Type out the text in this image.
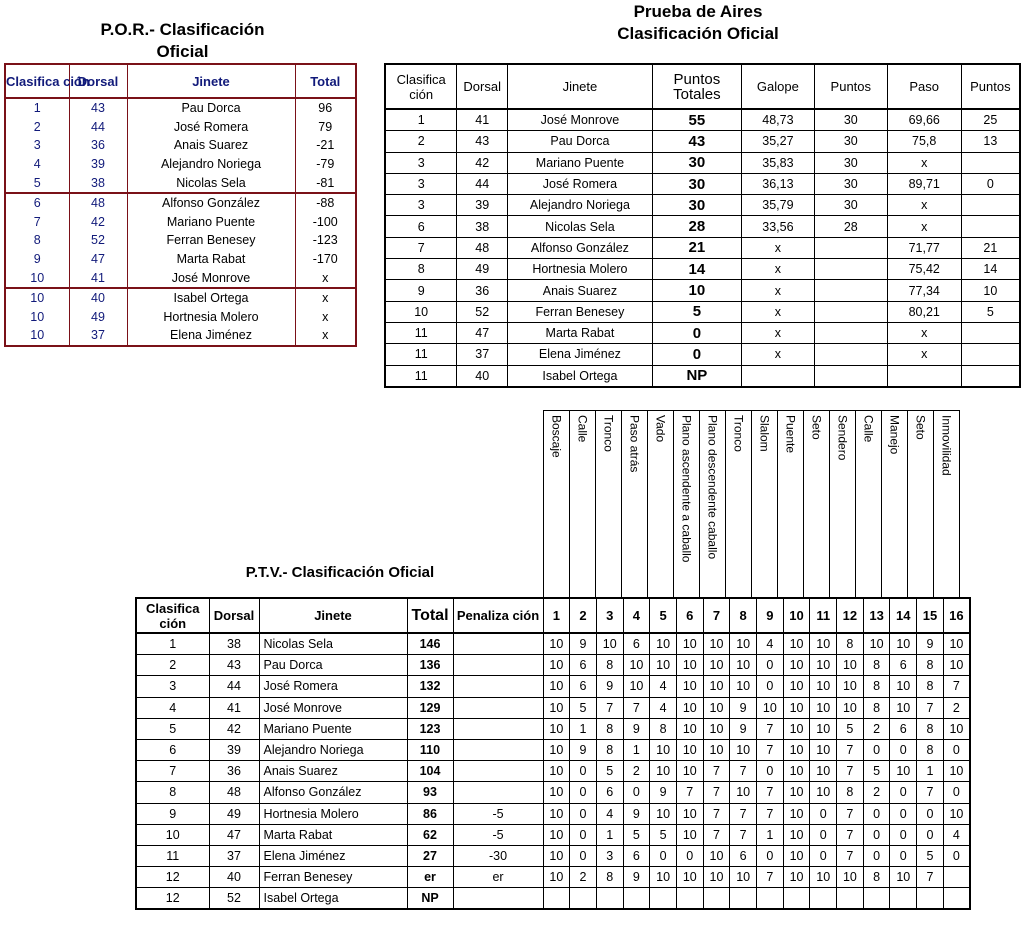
P.O.R.- Clasificación
Oficial
Clasifica ción	Dorsal	Jinete	Total
1	43	Pau Dorca	96
2	44	José Romera	79
3	36	Anais Suarez	-21
4	39	Alejandro Noriega	-79
5	38	Nicolas Sela	-81
6	48	Alfonso González	-88
7	42	Mariano Puente	-100
8	52	Ferran Benesey	-123
9	47	Marta Rabat	-170
10	41	José Monrove	x
10	40	Isabel Ortega	x
10	49	Hortnesia Molero	x
10	37	Elena Jiménez	x
Prueba de Aires
Clasificación Oficial
Clasifica ción	Dorsal	Jinete	Puntos Totales	Galope	Puntos	Paso	Puntos
1	41	José Monrove	55	48,73	30	69,66	25
2	43	Pau Dorca	43	35,27	30	75,8	13
3	42	Mariano Puente	30	35,83	30	x	
3	44	José Romera	30	36,13	30	89,71	0
3	39	Alejandro Noriega	30	35,79	30	x	
6	38	Nicolas Sela	28	33,56	28	x	
7	48	Alfonso González	21	x		71,77	21
8	49	Hortnesia Molero	14	x		75,42	14
9	36	Anais Suarez	10	x		77,34	10
10	52	Ferran Benesey	5	x		80,21	5
11	47	Marta Rabat	0	x		x	
11	37	Elena Jiménez	0	x		x	
11	40	Isabel Ortega	NP				
P.T.V.- Clasificación Oficial
Boscaje	Calle	Tronco	Paso atrás	Vado	Plano ascendente a caballo	Plano descendente caballo	Tronco	Slalom	Puente	Seto	Sendero	Calle	Manejo	Seto	Inmovilidad
Clasifica ción	Dorsal	Jinete	Total	Penaliza ción	1	2	3	4	5	6	7	8	9	10	11	12	13	14	15	16
1	38	Nicolas Sela	146		10	9	10	6	10	10	10	10	4	10	10	8	10	10	9	10
2	43	Pau Dorca	136		10	6	8	10	10	10	10	10	0	10	10	10	8	6	8	10
3	44	José Romera	132		10	6	9	10	4	10	10	10	0	10	10	10	8	10	8	7
4	41	José Monrove	129		10	5	7	7	4	10	10	9	10	10	10	10	8	10	7	2
5	42	Mariano Puente	123		10	1	8	9	8	10	10	9	7	10	10	5	2	6	8	10
6	39	Alejandro Noriega	110		10	9	8	1	10	10	10	10	7	10	10	7	0	0	8	0
7	36	Anais Suarez	104		10	0	5	2	10	10	7	7	0	10	10	7	5	10	1	10
8	48	Alfonso González	93		10	0	6	0	9	7	7	10	7	10	10	8	2	0	7	0
9	49	Hortnesia Molero	86	-5	10	0	4	9	10	10	7	7	7	10	0	7	0	0	0	10
10	47	Marta Rabat	62	-5	10	0	1	5	5	10	7	7	1	10	0	7	0	0	0	4
11	37	Elena Jiménez	27	-30	10	0	3	6	0	0	10	6	0	10	0	7	0	0	5	0
12	40	Ferran Benesey	er	er	10	2	8	9	10	10	10	10	7	10	10	10	8	10	7	
12	52	Isabel Ortega	NP																	
